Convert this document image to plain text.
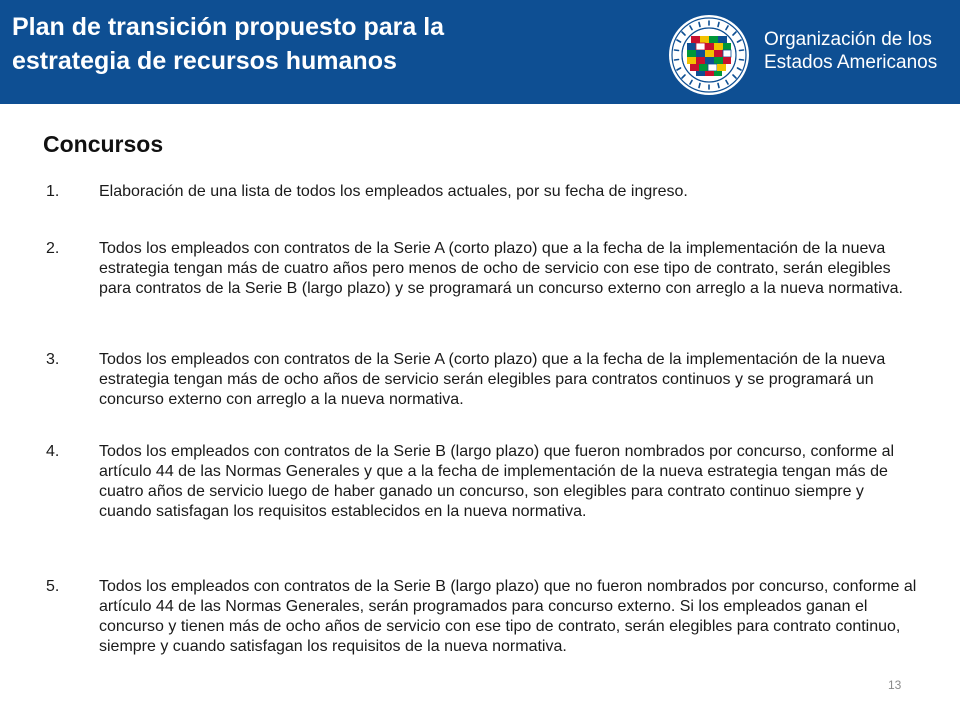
Plan de transición propuesto para la
estrategia de recursos humanos
Organización de los
Estados Americanos
Concursos
1. Elaboración de una lista de todos los empleados actuales, por su fecha de ingreso.

2. Todos los empleados con contratos de la Serie A (corto plazo) que a la fecha de la implementación de la nueva estrategia tengan más de cuatro años pero menos de ocho de servicio con ese tipo de contrato, serán elegibles para contratos de la Serie B (largo plazo) y se programará un concurso externo con arreglo a la nueva normativa.

3. Todos los empleados con contratos de la Serie A (corto plazo) que a la fecha de la implementación de la nueva estrategia tengan más de ocho años de servicio serán elegibles para contratos continuos y se programará un concurso externo con arreglo a la nueva normativa.

4. Todos los empleados con contratos de la Serie B (largo plazo) que fueron nombrados por concurso, conforme al artículo 44 de las Normas Generales y que a la fecha de implementación de la nueva estrategia tengan más de cuatro años de servicio luego de haber ganado un concurso, son elegibles para contrato continuo siempre y cuando satisfagan los requisitos establecidos en la nueva normativa.

5. Todos los empleados con contratos de la Serie B (largo plazo) que no fueron nombrados por concurso, conforme al artículo 44 de las Normas Generales, serán programados para concurso externo. Si los empleados ganan el concurso y tienen más de ocho años de servicio con ese tipo de contrato, serán elegibles para contrato continuo, siempre y cuando satisfagan los requisitos de la nueva normativa.

13
